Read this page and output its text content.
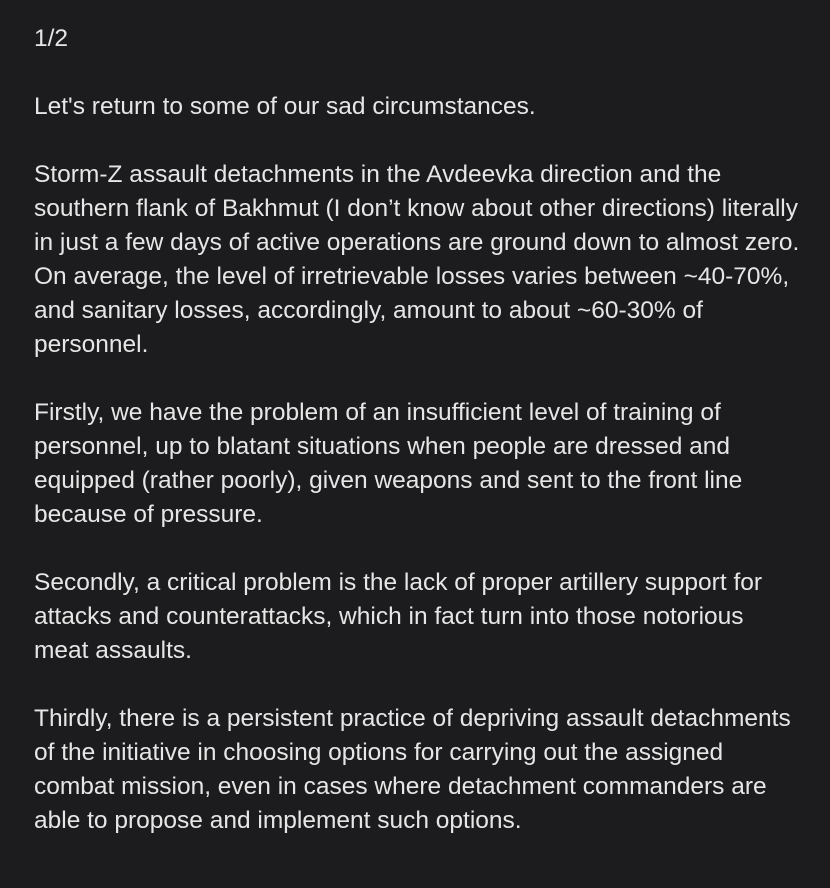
1/2

Let's return to some of our sad circumstances.

Storm-Z assault detachments in the Avdeevka direction and the southern flank of Bakhmut (I don’t know about other directions) literally in just a few days of active operations are ground down to almost zero. On average, the level of irretrievable losses varies between ~40-70%, and sanitary losses, accordingly, amount to about ~60-30% of personnel.

Firstly, we have the problem of an insufficient level of training of personnel, up to blatant situations when people are dressed and equipped (rather poorly), given weapons and sent to the front line because of pressure.

Secondly, a critical problem is the lack of proper artillery support for attacks and counterattacks, which in fact turn into those notorious meat assaults.

Thirdly, there is a persistent practice of depriving assault detachments of the initiative in choosing options for carrying out the assigned combat mission, even in cases where detachment commanders are able to propose and implement such options.
